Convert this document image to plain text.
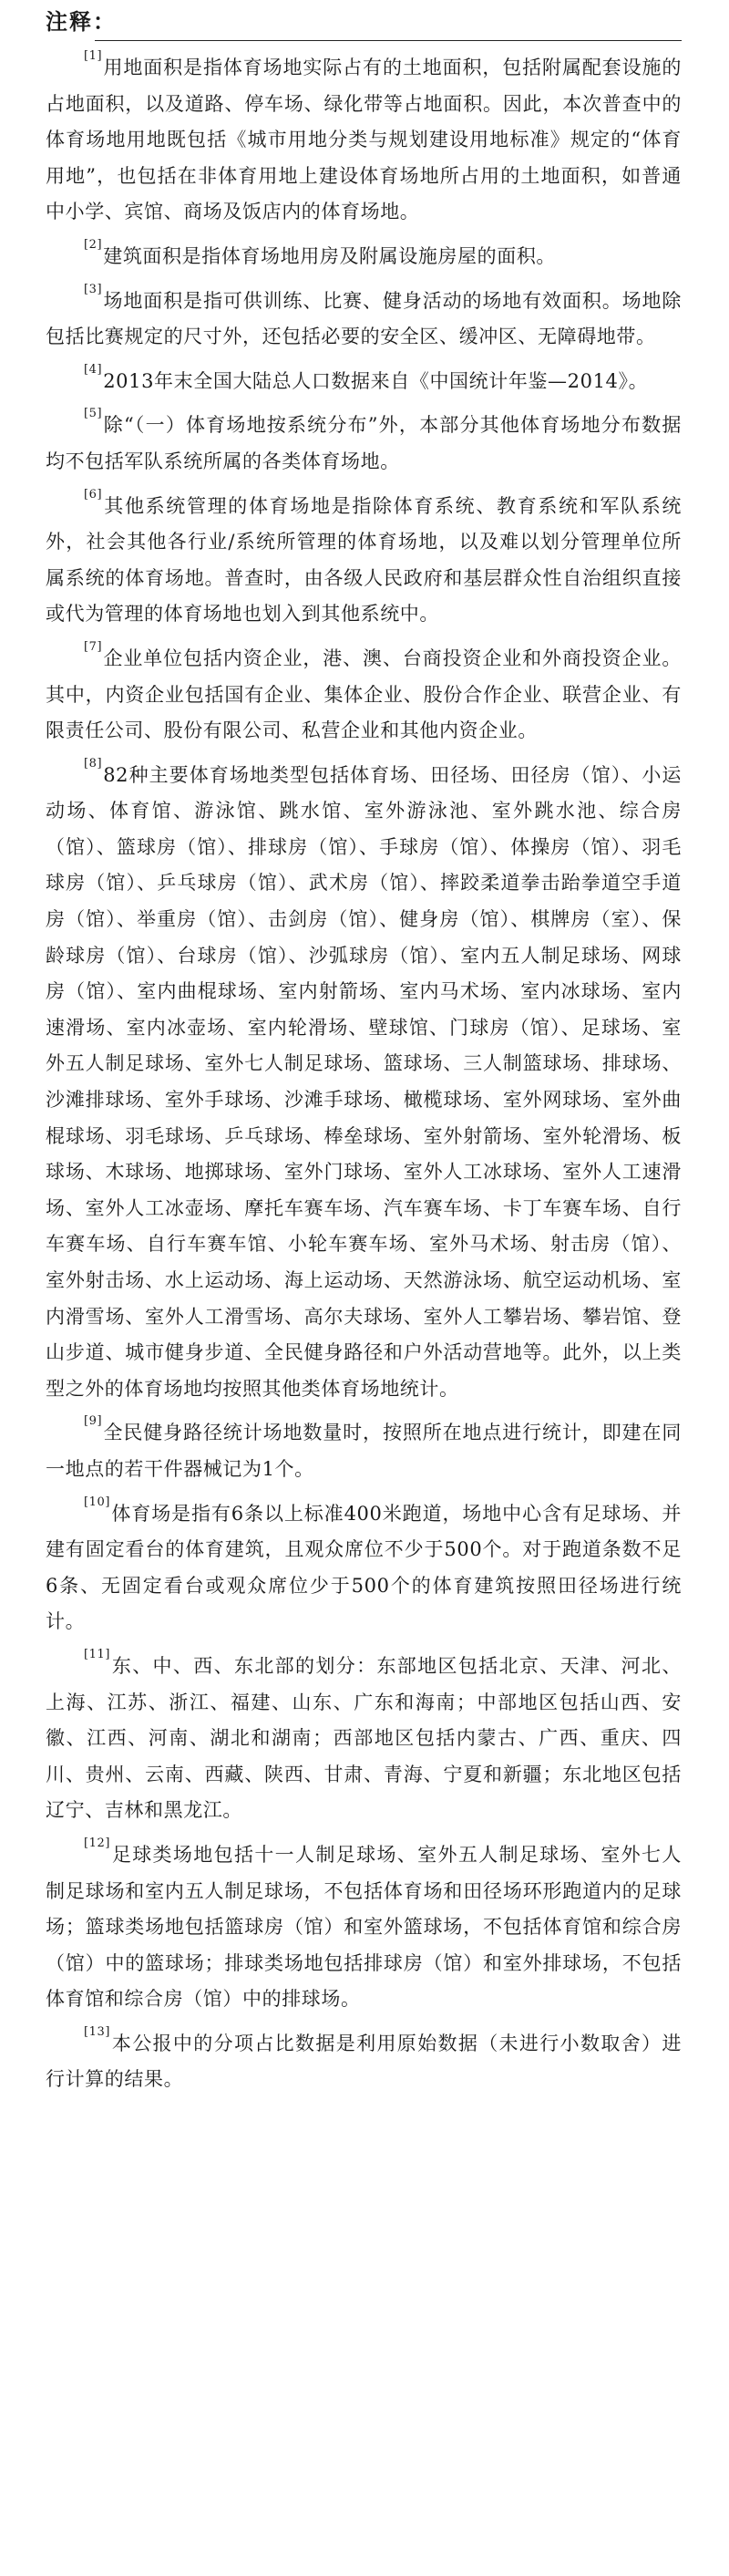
注释：
[1]用地面积是指体育场地实际占有的土地面积，包括附属配套设施的占地面积，以及道路、停车场、绿化带等占地面积。因此，本次普查中的体育场地用地既包括《城市用地分类与规划建设用地标准》规定的“体育用地”，也包括在非体育用地上建设体育场地所占用的土地面积，如普通中小学、宾馆、商场及饭店内的体育场地。
[2]建筑面积是指体育场地用房及附属设施房屋的面积。
[3]场地面积是指可供训练、比赛、健身活动的场地有效面积。场地除包括比赛规定的尺寸外，还包括必要的安全区、缓冲区、无障碍地带。
[4]2013年末全国大陆总人口数据来自《中国统计年鉴—2014》。
[5]除“（一）体育场地按系统分布”外，本部分其他体育场地分布数据均不包括军队系统所属的各类体育场地。
[6]其他系统管理的体育场地是指除体育系统、教育系统和军队系统外，社会其他各行业/系统所管理的体育场地，以及难以划分管理单位所属系统的体育场地。普查时，由各级人民政府和基层群众性自治组织直接或代为管理的体育场地也划入到其他系统中。
[7]企业单位包括内资企业，港、澳、台商投资企业和外商投资企业。其中，内资企业包括国有企业、集体企业、股份合作企业、联营企业、有限责任公司、股份有限公司、私营企业和其他内资企业。
[8]82种主要体育场地类型包括体育场、田径场、田径房（馆）、小运动场、体育馆、游泳馆、跳水馆、室外游泳池、室外跳水池、综合房（馆）、篮球房（馆）、排球房（馆）、手球房（馆）、体操房（馆）、羽毛球房（馆）、乒乓球房（馆）、武术房（馆）、摔跤柔道拳击跆拳道空手道房（馆）、举重房（馆）、击剑房（馆）、健身房（馆）、棋牌房（室）、保龄球房（馆）、台球房（馆）、沙弧球房（馆）、室内五人制足球场、网球房（馆）、室内曲棍球场、室内射箭场、室内马术场、室内冰球场、室内速滑场、室内冰壶场、室内轮滑场、壁球馆、门球房（馆）、足球场、室外五人制足球场、室外七人制足球场、篮球场、三人制篮球场、排球场、沙滩排球场、室外手球场、沙滩手球场、橄榄球场、室外网球场、室外曲棍球场、羽毛球场、乒乓球场、棒垒球场、室外射箭场、室外轮滑场、板球场、木球场、地掷球场、室外门球场、室外人工冰球场、室外人工速滑场、室外人工冰壶场、摩托车赛车场、汽车赛车场、卡丁车赛车场、自行车赛车场、自行车赛车馆、小轮车赛车场、室外马术场、射击房（馆）、室外射击场、水上运动场、海上运动场、天然游泳场、航空运动机场、室内滑雪场、室外人工滑雪场、高尔夫球场、室外人工攀岩场、攀岩馆、登山步道、城市健身步道、全民健身路径和户外活动营地等。此外，以上类型之外的体育场地均按照其他类体育场地统计。
[9]全民健身路径统计场地数量时，按照所在地点进行统计，即建在同一地点的若干件器械记为1个。
[10]体育场是指有6条以上标准400米跑道，场地中心含有足球场、并建有固定看台的体育建筑，且观众席位不少于500个。对于跑道条数不足6条、无固定看台或观众席位少于500个的体育建筑按照田径场进行统计。
[11]东、中、西、东北部的划分：东部地区包括北京、天津、河北、上海、江苏、浙江、福建、山东、广东和海南；中部地区包括山西、安徽、江西、河南、湖北和湖南；西部地区包括内蒙古、广西、重庆、四川、贵州、云南、西藏、陕西、甘肃、青海、宁夏和新疆；东北地区包括辽宁、吉林和黑龙江。
[12]足球类场地包括十一人制足球场、室外五人制足球场、室外七人制足球场和室内五人制足球场，不包括体育场和田径场环形跑道内的足球场；篮球类场地包括篮球房（馆）和室外篮球场，不包括体育馆和综合房（馆）中的篮球场；排球类场地包括排球房（馆）和室外排球场，不包括体育馆和综合房（馆）中的排球场。
[13]本公报中的分项占比数据是利用原始数据（未进行小数取舍）进行计算的结果。
